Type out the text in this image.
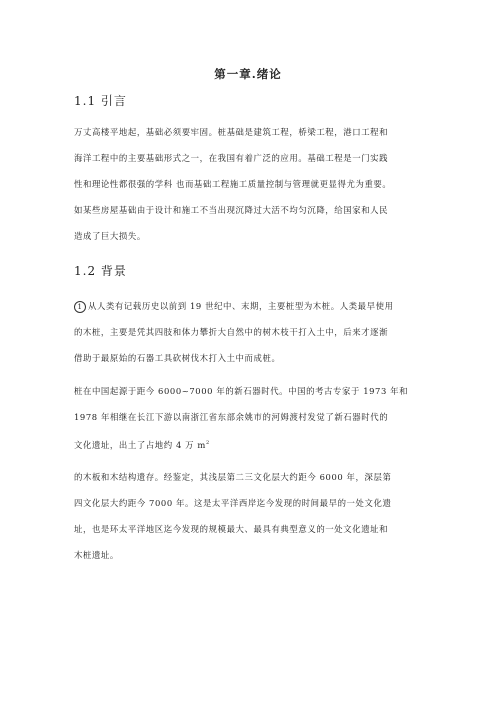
第一章.绪论
1.1 引言
万丈高楼平地起，基础必须要牢固。桩基础是建筑工程，桥梁工程，港口工程和
海洋工程中的主要基础形式之一，在我国有着广泛的应用。基础工程是一门实践
性和理论性都很强的学科 也而基础工程施工质量控制与管理就更显得尤为重要。
如某些房屋基础由于设计和施工不当出现沉降过大活不均匀沉降，给国家和人民
造成了巨大损失。
1.2 背景
1 从人类有记载历史以前到 19 世纪中、末期，主要桩型为木桩。人类最早使用
的木桩，主要是凭其四肢和体力攀折大自然中的树木枝干打入土中，后来才逐渐
借助于最原始的石器工具砍树伐木打入土中而成桩。
桩在中国起源于距今 6000~7000 年的新石器时代。中国的考古专家于 1973 年和
1978 年相继在长江下游以南浙江省东部余姚市的河姆渡村发觉了新石器时代的
文化遗址，出土了占地约 4 万 $m^2$
的木板和木结构遗存。经鉴定，其浅层第二三文化层大约距今 6000 年，深层第
四文化层大约距今 7000 年。这是太平洋西岸迄今发现的时间最早的一处文化遗
址，也是环太平洋地区迄今发现的规模最大、最具有典型意义的一处文化遗址和
木桩遗址。
